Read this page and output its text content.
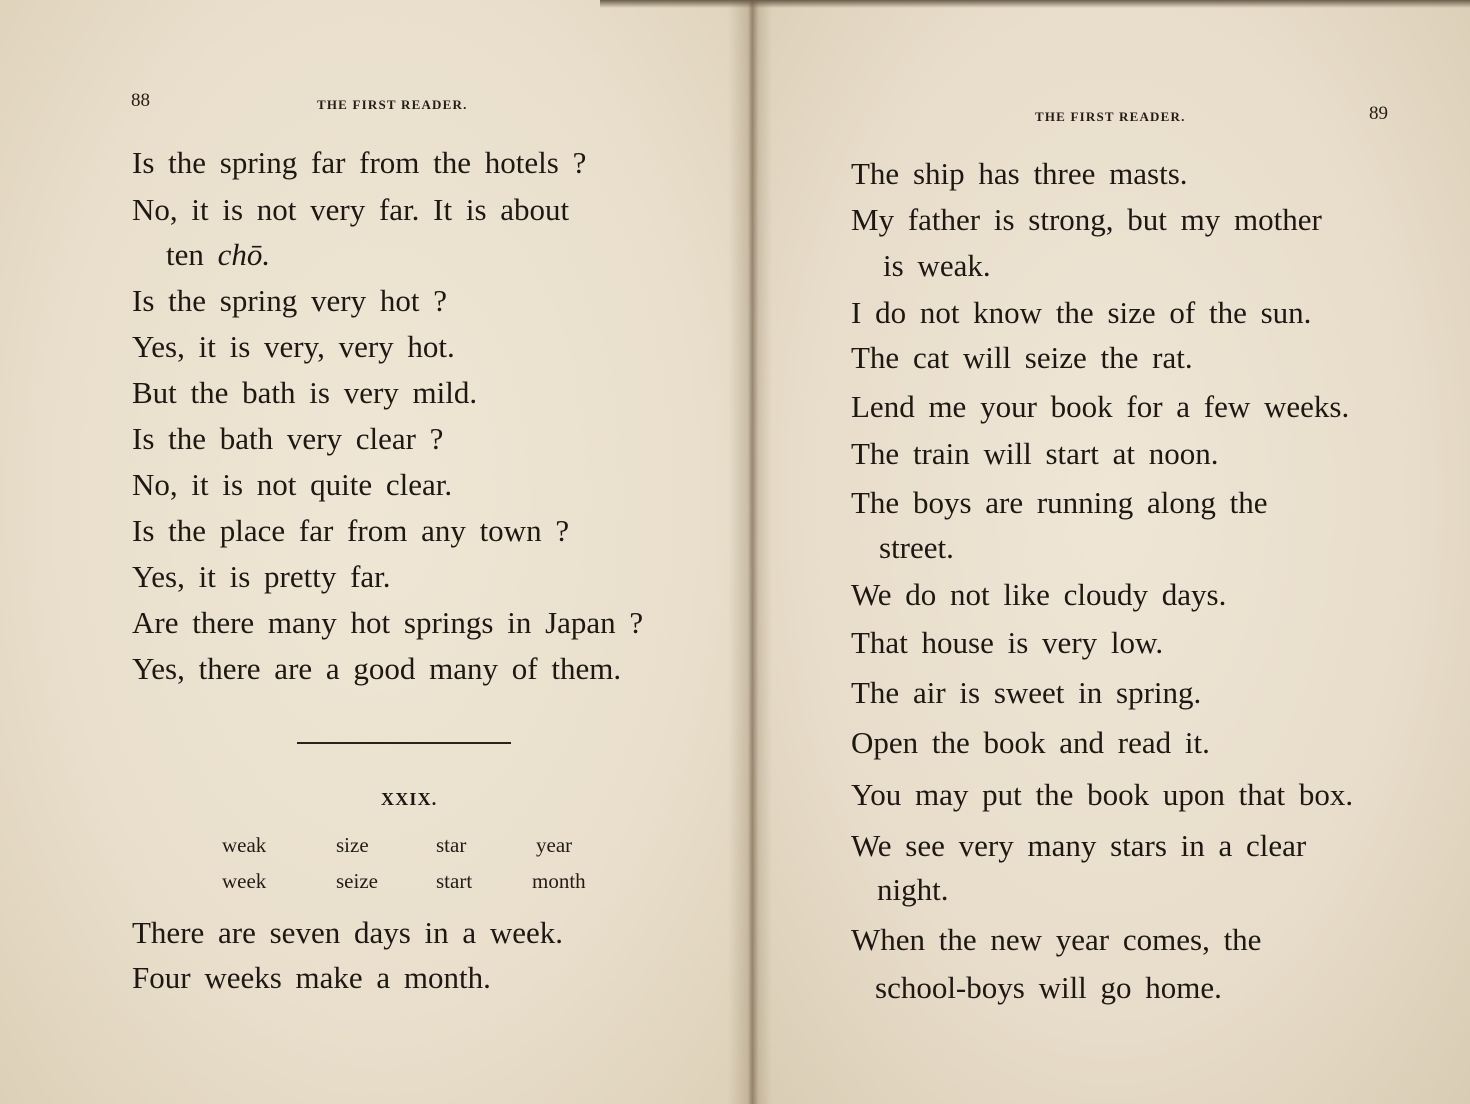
88	THE FIRST READER.
Is the spring far from the hotels ?
No, it is not very far. It is about
ten chō.
Is the spring very hot ?
Yes, it is very, very hot.
But the bath is very mild.
Is the bath very clear ?
No, it is not quite clear.
Is the place far from any town ?
Yes, it is pretty far.
Are there many hot springs in Japan ?
Yes, there are a good many of them.
XXIX.
weak	size	star	year
week	seize	start	month
There are seven days in a week.
Four weeks make a month.
THE FIRST READER.	89
The ship has three masts.
My father is strong, but my mother
is weak.
I do not know the size of the sun.
The cat will seize the rat.
Lend me your book for a few weeks.
The train will start at noon.
The boys are running along the
street.
We do not like cloudy days.
That house is very low.
The air is sweet in spring.
Open the book and read it.
You may put the book upon that box.
We see very many stars in a clear
night.
When the new year comes, the
school-boys will go home.
